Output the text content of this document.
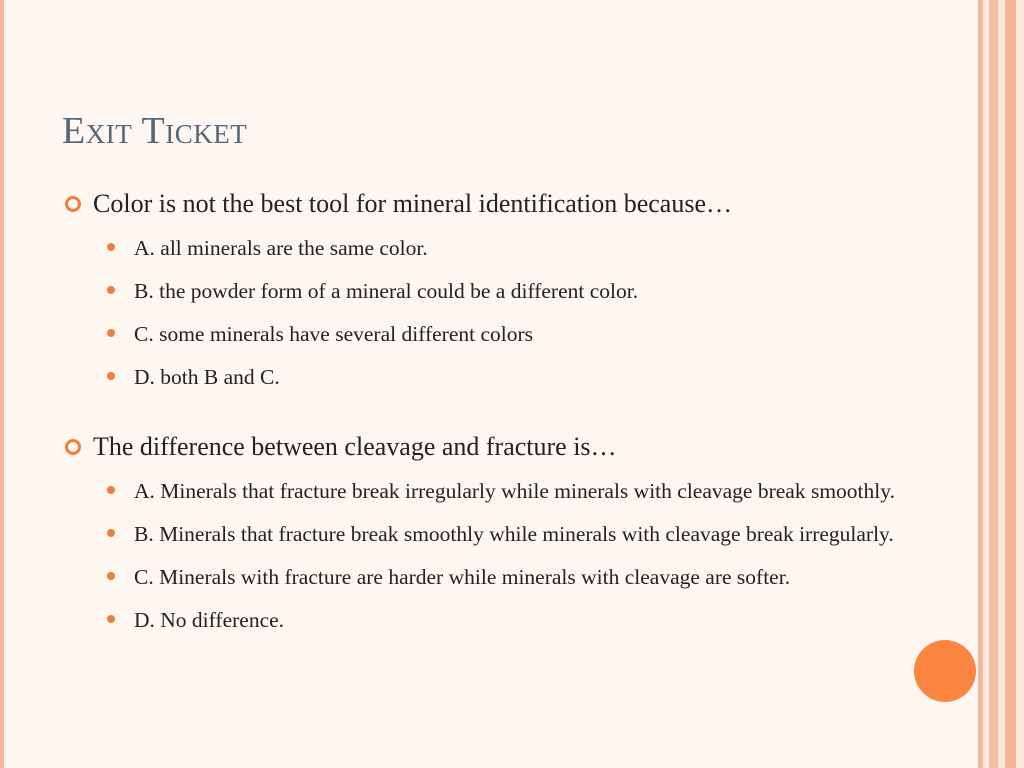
Exit Ticket
Color is not the best tool for mineral identification because…
A. all minerals are the same color.
B. the powder form of a mineral could be a different color.
C. some minerals have several different colors
D. both B and C.
The difference between cleavage and fracture is…
A. Minerals that fracture break irregularly while minerals with cleavage break smoothly.
B. Minerals that fracture break smoothly while minerals with cleavage break irregularly.
C. Minerals with fracture are harder while minerals with cleavage are softer.
D. No difference.
